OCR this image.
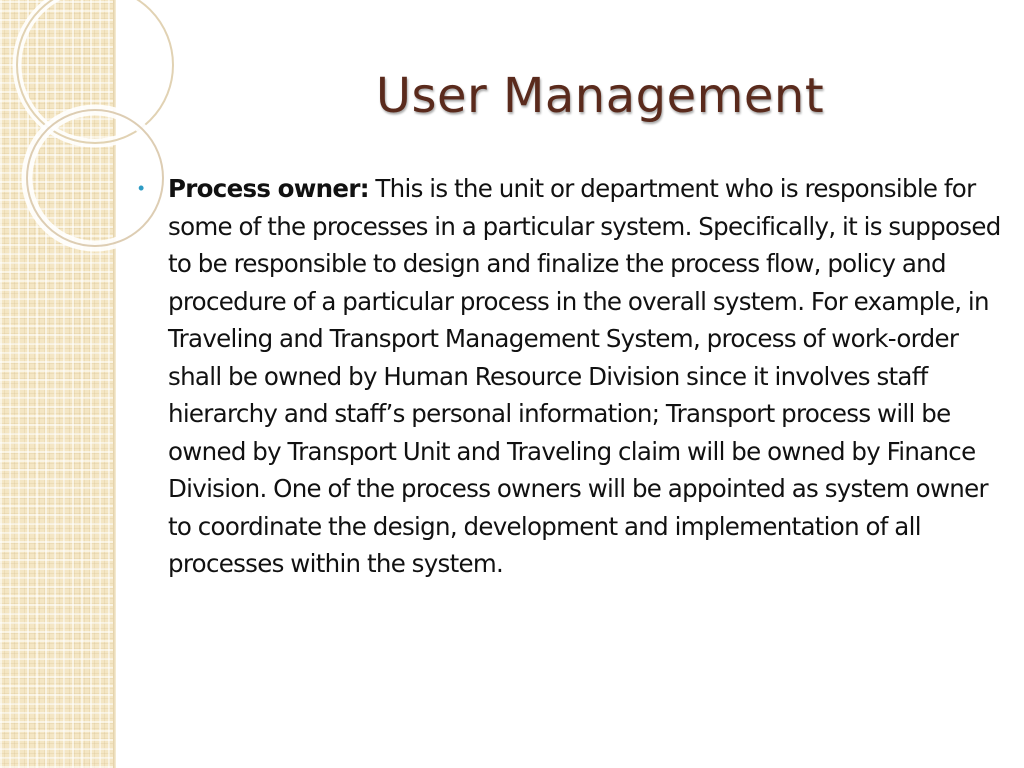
User Management
• Process owner: This is the unit or department who is responsible for some of the processes in a particular system. Specifically, it is supposed to be responsible to design and finalize the process flow, policy and procedure of a particular process in the overall system. For example, in Traveling and Transport Management System, process of work-order shall be owned by Human Resource Division since it involves staff hierarchy and staff’s personal information; Transport process will be owned by Transport Unit and Traveling claim will be owned by Finance Division. One of the process owners will be appointed as system owner to coordinate the design, development and implementation of all processes within the system.
